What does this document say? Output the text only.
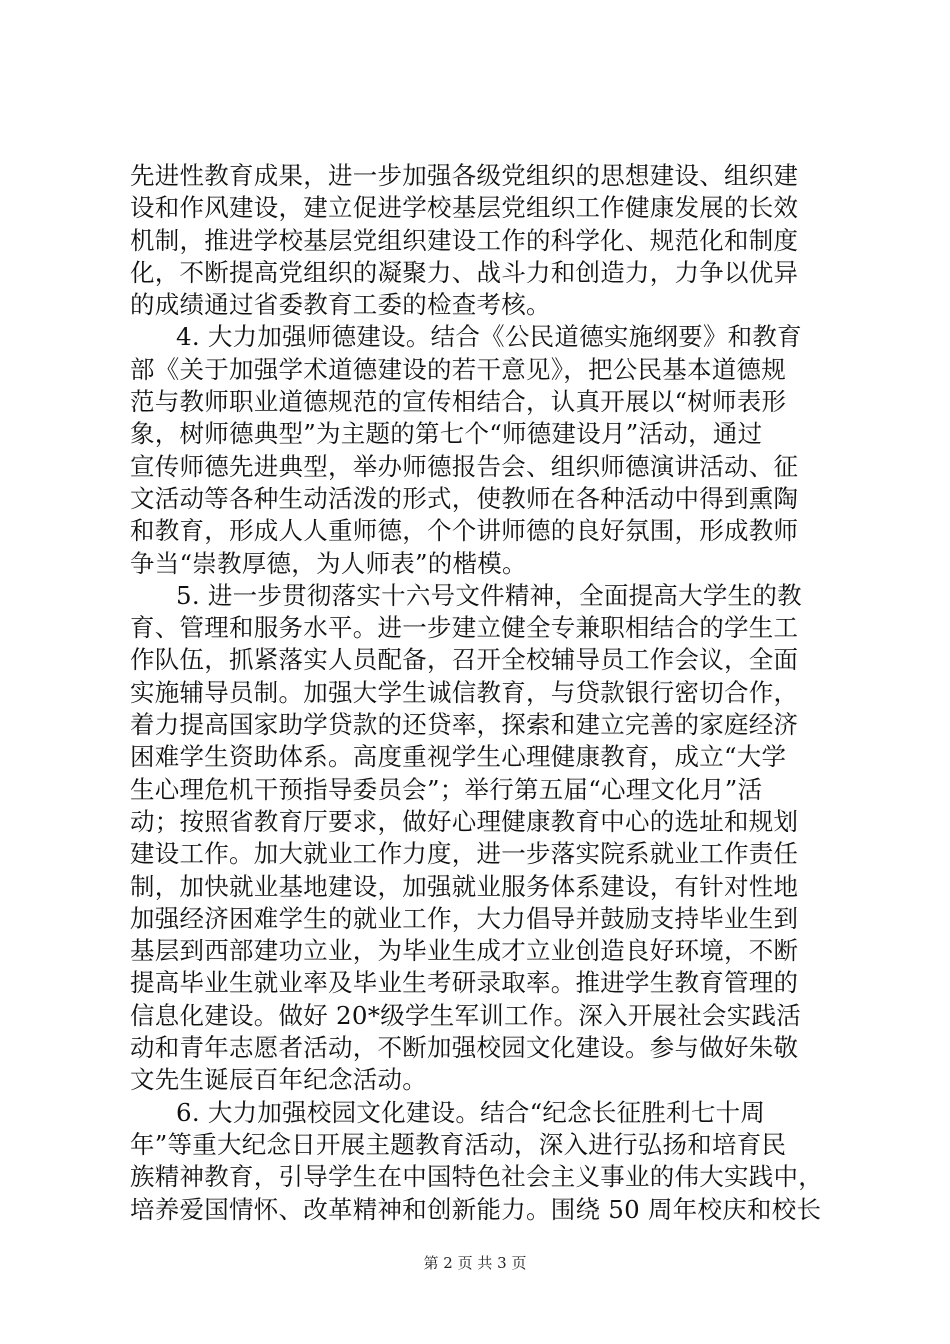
先进性教育成果，进一步加强各级党组织的思想建设、组织建
设和作风建设，建立促进学校基层党组织工作健康发展的长效
机制，推进学校基层党组织建设工作的科学化、规范化和制度
化，不断提高党组织的凝聚力、战斗力和创造力，力争以优异
的成绩通过省委教育工委的检查考核。
4. 大力加强师德建设。结合《公民道德实施纲要》和教育
部《关于加强学术道德建设的若干意见》，把公民基本道德规
范与教师职业道德规范的宣传相结合，认真开展以“树师表形
象，树师德典型”为主题的第七个“师德建设月”活动，通过
宣传师德先进典型，举办师德报告会、组织师德演讲活动、征
文活动等各种生动活泼的形式，使教师在各种活动中得到熏陶
和教育，形成人人重师德，个个讲师德的良好氛围，形成教师
争当“崇教厚德，为人师表”的楷模。
5. 进一步贯彻落实十六号文件精神，全面提高大学生的教
育、管理和服务水平。进一步建立健全专兼职相结合的学生工
作队伍，抓紧落实人员配备，召开全校辅导员工作会议，全面
实施辅导员制。加强大学生诚信教育，与贷款银行密切合作，
着力提高国家助学贷款的还贷率，探索和建立完善的家庭经济
困难学生资助体系。高度重视学生心理健康教育，成立“大学
生心理危机干预指导委员会”；举行第五届“心理文化月”活
动；按照省教育厅要求，做好心理健康教育中心的选址和规划
建设工作。加大就业工作力度，进一步落实院系就业工作责任
制，加快就业基地建设，加强就业服务体系建设，有针对性地
加强经济困难学生的就业工作，大力倡导并鼓励支持毕业生到
基层到西部建功立业，为毕业生成才立业创造良好环境，不断
提高毕业生就业率及毕业生考研录取率。推进学生教育管理的
信息化建设。做好 20*级学生军训工作。深入开展社会实践活
动和青年志愿者活动，不断加强校园文化建设。参与做好朱敬
文先生诞辰百年纪念活动。
6. 大力加强校园文化建设。结合“纪念长征胜利七十周
年”等重大纪念日开展主题教育活动，深入进行弘扬和培育民
族精神教育，引导学生在中国特色社会主义事业的伟大实践中，
培养爱国情怀、改革精神和创新能力。围绕 50 周年校庆和校长
第 2 页 共 3 页
